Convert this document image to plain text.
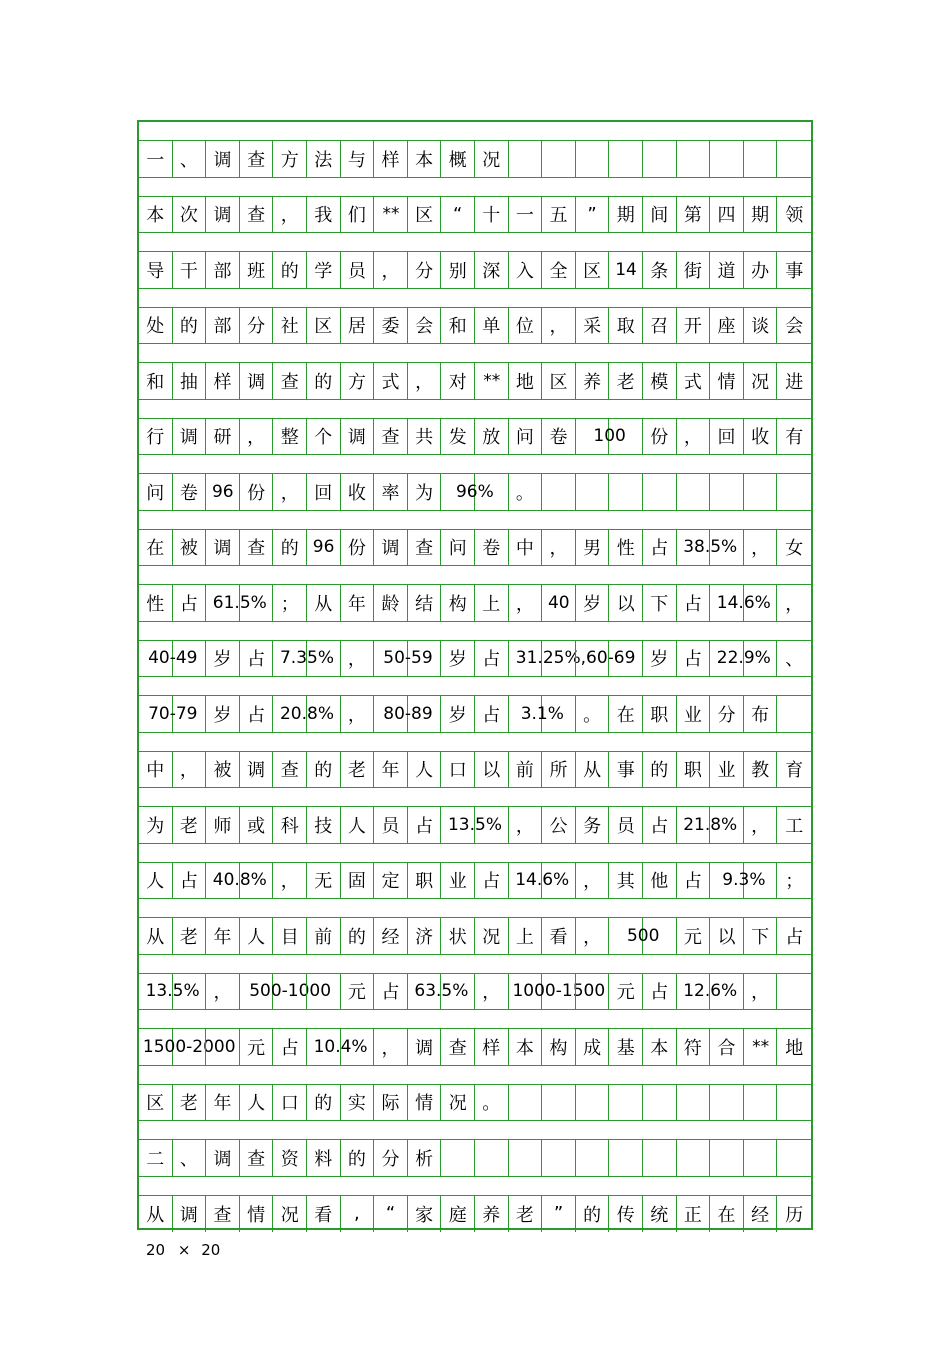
一 、 调 查 方 法 与 样 本 概 况
本 次 调 查 ， 我 们 ** 区 “ 十 一 五 ” 期 间 第 四 期 领
导 干 部 班 的 学 员 ， 分 别 深 入 全 区 14 条 街 道 办 事
处 的 部 分 社 区 居 委 会 和 单 位 ， 采 取 召 开 座 谈 会
和 抽 样 调 查 的 方 式 ， 对 ** 地 区 养 老 模 式 情 况 进
行 调 研 ， 整 个 调 查 共 发 放 问 卷 100 份 ， 回 收 有
问 卷 96 份 ， 回 收 率 为 96% 。
在 被 调 查 的 96 份 调 查 问 卷 中 ， 男 性 占 38.5% ， 女
性 占 61.5% ； 从 年 龄 结 构 上 ， 40 岁 以 下 占 14.6% ，
40-49 岁 占 7.35% ， 50-59 岁 占 31.25%,60-69 岁 占 22.9% 、
70-79 岁 占 20.8% ， 80-89 岁 占 3.1% 。 在 职 业 分 布
中 ， 被 调 查 的 老 年 人 口 以 前 所 从 事 的 职 业 教 育
为 老 师 或 科 技 人 员 占 13.5% ， 公 务 员 占 21.8% ， 工
人 占 40.8% ， 无 固 定 职 业 占 14.6% ， 其 他 占 9.3% ；
从 老 年 人 目 前 的 经 济 状 况 上 看 ， 500 元 以 下 占
13.5% ， 500-1000 元 占 63.5% ， 1000-1500 元 占 12.6% ，
1500-2000 元 占 10.4% ， 调 查 样 本 构 成 基 本 符 合 ** 地
区 老 年 人 口 的 实 际 情 况 。
二 、 调 查 资 料 的 分 析
从 调 查 情 况 看 , “ 家 庭 养 老 ” 的 传 统 正 在 经 历
20 × 20
